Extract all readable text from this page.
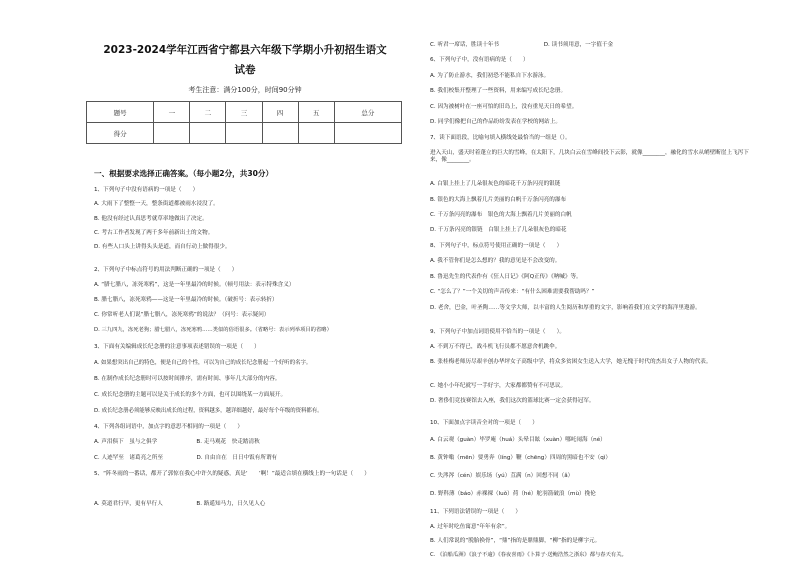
2023-2024学年江西省宁都县六年级下学期小升初招生语文
试卷
考生注意：满分100分，时间90分钟
题号	一	二	三	四	五	总分
得分						
一、根据要求选择正确答案。（每小题2分，共30分）
1、下列句子中没有语病的一项是（　　）
A. 大雨下了整整一天，整条街道都被雨水浸没了。
B. 他没有经过认真思考就草率地做出了决定。
C. 考古工作者发现了两千多年前新出土的文物。
D. 有些人口头上讲得头头是道，而自行动上做得很少。
2、下列句子中标点符号的用法判断正确的一项是（　　）
A. “腊七腊八，冻死寒鸦”，这是一年里最冷的时候。（顿号用法：表示特殊含义）
B. 腊七腊八，冻死寒鸦——这是一年里最冷的时候。（破折号：表示转折）
C. 你常听老人们说“腊七腊八，冻死寒鸦”的说法？（问号：表示疑问）
D. 三九四九，冻死老狗；腊七腊八，冻死寒鸦……类似的俗语很多。（省略号：表示列举项目的省略）
3、下面有关编辑成长纪念册的注意事项表述错误的一项是（　　）
A. 如果想突出自己的特色，便是自己的个性，可以为自己的成长纪念册起一个好听的名字。
B. 在制作成长纪念册时可以按时间排序，需有时间、事年几大部分的内容。
C. 成长纪念册的主题可以是关于成长的多个方面，也可以围绕某一方面展开。
D. 成长纪念册必须能够反映出成长的过程，资料越多，越详细越好，最好每个年级的资料都有。
4、下列各组词语中，加点字的意思不相同的一项是（　　）
A. 声泪俱下　虽与之俱学　　　　　　　B. 走马观花　快走踏清秋
C. 人迹罕至　诸葛亮之所至　　　　　　D. 自由自在　日日中饭有所谓有
5、“阵冬雨的一番话，都开了郭惊在我心中许久的疑惑，真是‘　　’啊！”最适合填在横线上的一句话是（　　）
A. 莫道君行早，更有早行人　　　　　　B. 路遥知马力，日久见人心
C. 听君一席话，胜读十年书　　　　　　　　D. 读书须用意，一字值千金
6、下列句子中，没有语病的是（　　）
A. 为了防止游水，我们初恐不能私自下水游泳。
B. 我们校集开整理了一些资料，用来编写成长纪念册。
C. 因为被树叶在一座可怕的旧岛上，没有重见天日的希望。
D. 同学们像把自己的作品纷纷发表在学校的网站上。
7、读下面语段，比喻句填入横线处最恰当的一组是（）。
进入天山，盛天时着蓬立的巨大的雪峰，在太阳下，几块白云在雪峰间投下云影，就像________，融化的雪水从峭壁断崖上飞泻下来，像________。
A. 白银上挂上了几朵很灰色的暗花千万条闪亮的银链
B. 银色的大海上飘着几片美丽的白帆千万条闪亮的瀑布
C. 千万条闪亮的瀑布　银色的大海上飘着几片美丽的白帆
D. 千万条闪亮的银链　白银上挂上了几朵很灰色的暗花
8、下列句子中，标点符号使用正确的一项是（　　）
A. 我不管你们是怎么想的？我的意见是不会改变的。
B. 鲁迅先生的代表作有《狂人日记》《阿Q正传》《呐喊》等。
C. “怎么了？”一个关切的声音传来：“有什么困难需要我帮助吗？”
D. 老舍，巴金，叶圣陶……等文学大师，以丰富的人生阅历和厚重的文字，影响着我们在文学的海洋里遨游。
9、下列句子中加点词语使用不恰当的一项是（　　）。
A. 不到万不得已，战斗机飞行员都不愿意舍机跳伞。
B. 张桂梅老师历尽艰辛创办华坪女子高级中学，将众多贫困女生送入大学，她无愧于时代的杰出女子人物的代表。
C. 她小小年纪就写一手好字，大家都都赞有不可思议。
D. 奢侈们竞技赛馆去入座，我们这次的篮球比赛一定会获得冠军。
10、下面加点字读音全对的一项是（　　）
A. 白云观（guàn）毕罗庵（huá）头晕目眩（xuàn）哪吒闹海（né）
B. 黄钟嗡（mēn）要勇奔（líng）鞭（chēng）四周的黑暗也不安（qì）
C. 失涔涔（cén）娱乐场（yú）苴满（n）回想不同（ǎ）
D. 野科薄（báo）赤裸裸（luǒ）荷（hé）舵羽箭破浪（mù）挽伦
11、下列语法错误的一项是（　　）
A. 过年时吃鱼寓意“年年有余”。
B. 人们常说的“脱胎换骨”，“鼎”指的是鼎鼎脚，“柳”指的是柳字元。
C. 《泊船瓜洲》《浪子不逾》《春夜喜雨》《卜算子·送鲍浩然之浙东》都与春天有关。
